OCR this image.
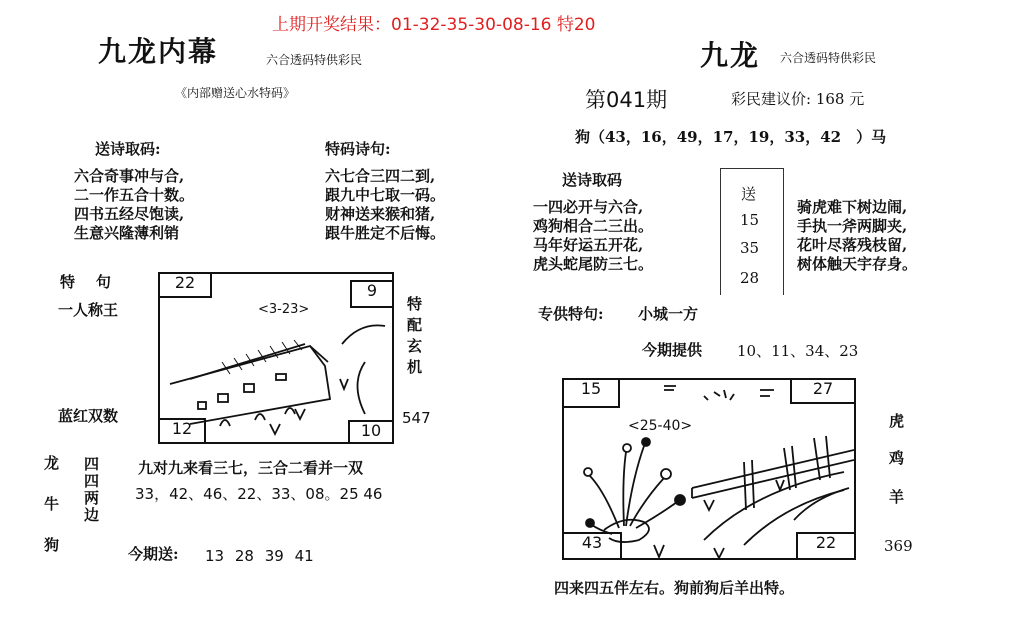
上期开奖结果：01-32-35-30-08-16 特20
九龙内幕	六合透码特供彩民
《内部赠送心水特码》
送诗取码:
六合奇事冲与合,
二一作五合十数。
四书五经尽饱读,
生意兴隆薄利销
特码诗句:
六七合三四二到,
跟九中七取一码。
财神送来猴和猪,
跟牛胜定不后悔。
特    句
一人称王
蓝红双数
22	9
12	10
<3-23>	特配玄机
547
龙
牛
狗
四四两边	九对九来看三七，三合二看并一双
33，42、46、22、33、08。25 46
今期送: 13 28 39 41
九龙 六合透码特供彩民
第041期	彩民建议价: 168 元
狗（43，16，49，17，19，33，42　）马
送诗取码
一四必开与六合,
鸡狗相合二三出。
马年好运五开花,
虎头蛇尾防三七。
送
15
35
28
骑虎难下树边闹,
手执一斧两脚夹,
花叶尽落残枝留,
树体触天宇存身。
专供特句: 小城一方
今期提供 10、11、34、23
15	27
43	22
<25-40>	虎
鸡
羊
369
四来四五伴左右。狗前狗后羊出特。
